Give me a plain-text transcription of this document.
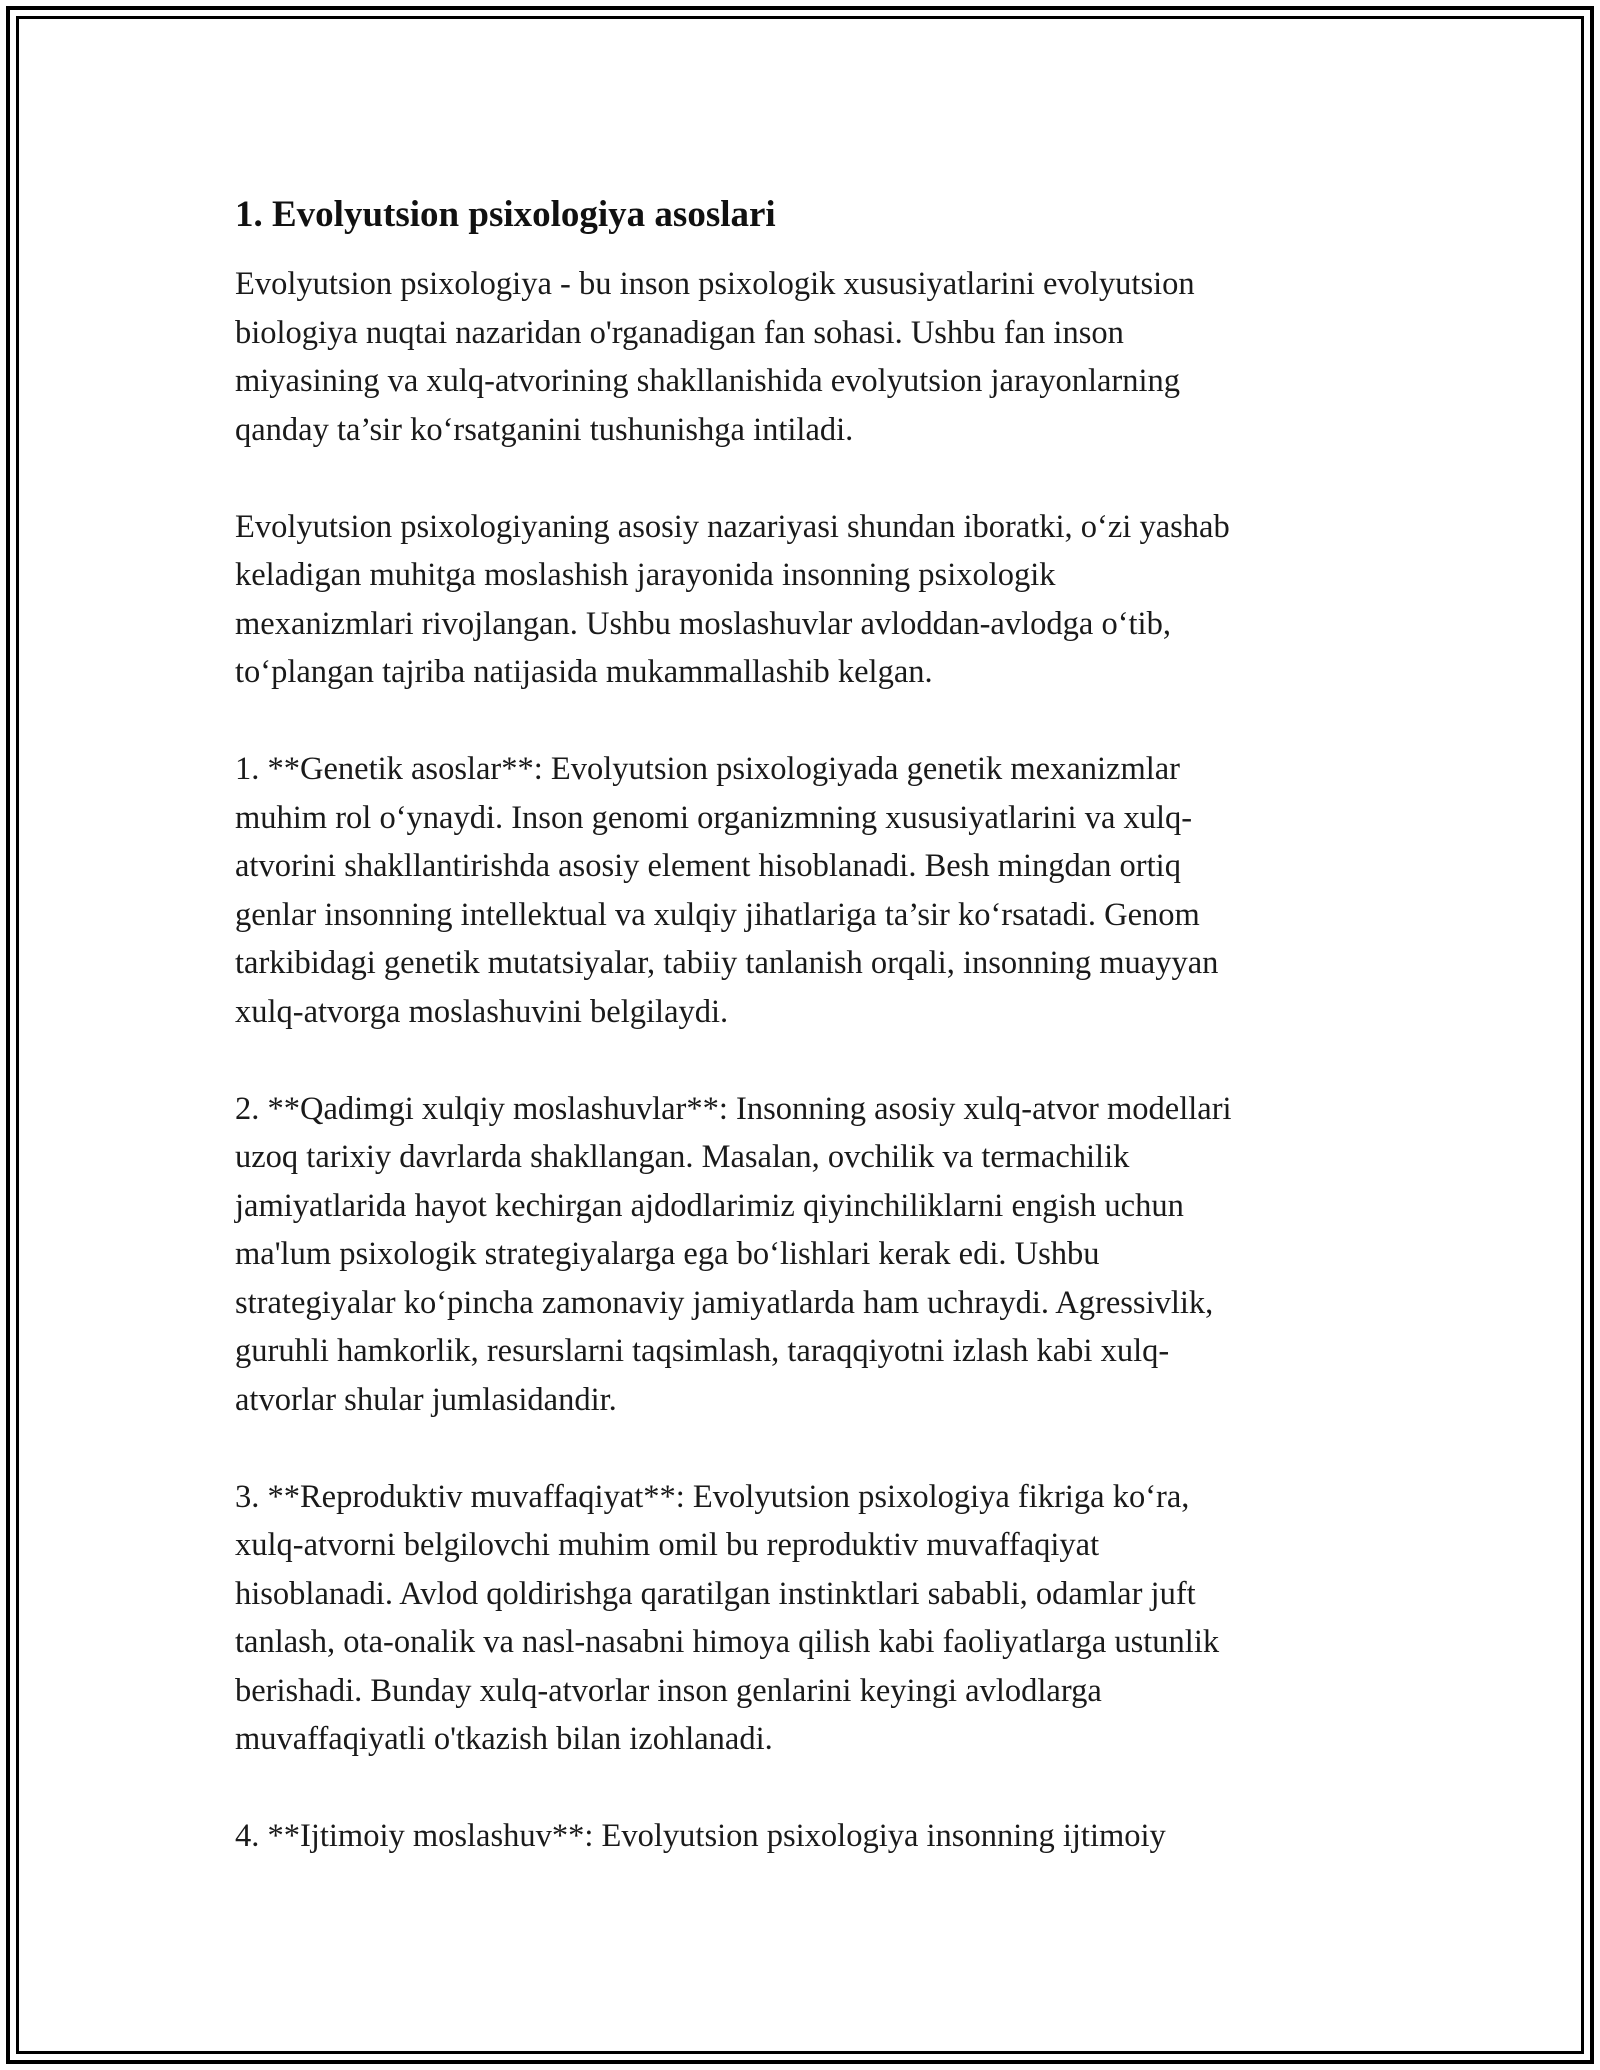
1. Evolyutsion psixologiya asoslari

Evolyutsion psixologiya - bu inson psixologik xususiyatlarini evolyutsion
biologiya nuqtai nazaridan o'rganadigan fan sohasi. Ushbu fan inson
miyasining va xulq-atvorining shakllanishida evolyutsion jarayonlarning
qanday ta’sir ko‘rsatganini tushunishga intiladi.

Evolyutsion psixologiyaning asosiy nazariyasi shundan iboratki, o‘zi yashab
keladigan muhitga moslashish jarayonida insonning psixologik
mexanizmlari rivojlangan. Ushbu moslashuvlar avloddan-avlodga o‘tib,
to‘plangan tajriba natijasida mukammallashib kelgan.

1. **Genetik asoslar**: Evolyutsion psixologiyada genetik mexanizmlar
muhim rol o‘ynaydi. Inson genomi organizmning xususiyatlarini va xulq-
atvorini shakllantirishda asosiy element hisoblanadi. Besh mingdan ortiq
genlar insonning intellektual va xulqiy jihatlariga ta’sir ko‘rsatadi. Genom
tarkibidagi genetik mutatsiyalar, tabiiy tanlanish orqali, insonning muayyan
xulq-atvorga moslashuvini belgilaydi.

2. **Qadimgi xulqiy moslashuvlar**: Insonning asosiy xulq-atvor modellari
uzoq tarixiy davrlarda shakllangan. Masalan, ovchilik va termachilik
jamiyatlarida hayot kechirgan ajdodlarimiz qiyinchiliklarni engish uchun
ma'lum psixologik strategiyalarga ega bo‘lishlari kerak edi. Ushbu
strategiyalar ko‘pincha zamonaviy jamiyatlarda ham uchraydi. Agressivlik,
guruhli hamkorlik, resurslarni taqsimlash, taraqqiyotni izlash kabi xulq-
atvorlar shular jumlasidandir.

3. **Reproduktiv muvaffaqiyat**: Evolyutsion psixologiya fikriga ko‘ra,
xulq-atvorni belgilovchi muhim omil bu reproduktiv muvaffaqiyat
hisoblanadi. Avlod qoldirishga qaratilgan instinktlari sababli, odamlar juft
tanlash, ota-onalik va nasl-nasabni himoya qilish kabi faoliyatlarga ustunlik
berishadi. Bunday xulq-atvorlar inson genlarini keyingi avlodlarga
muvaffaqiyatli o'tkazish bilan izohlanadi.

4. **Ijtimoiy moslashuv**: Evolyutsion psixologiya insonning ijtimoiy
